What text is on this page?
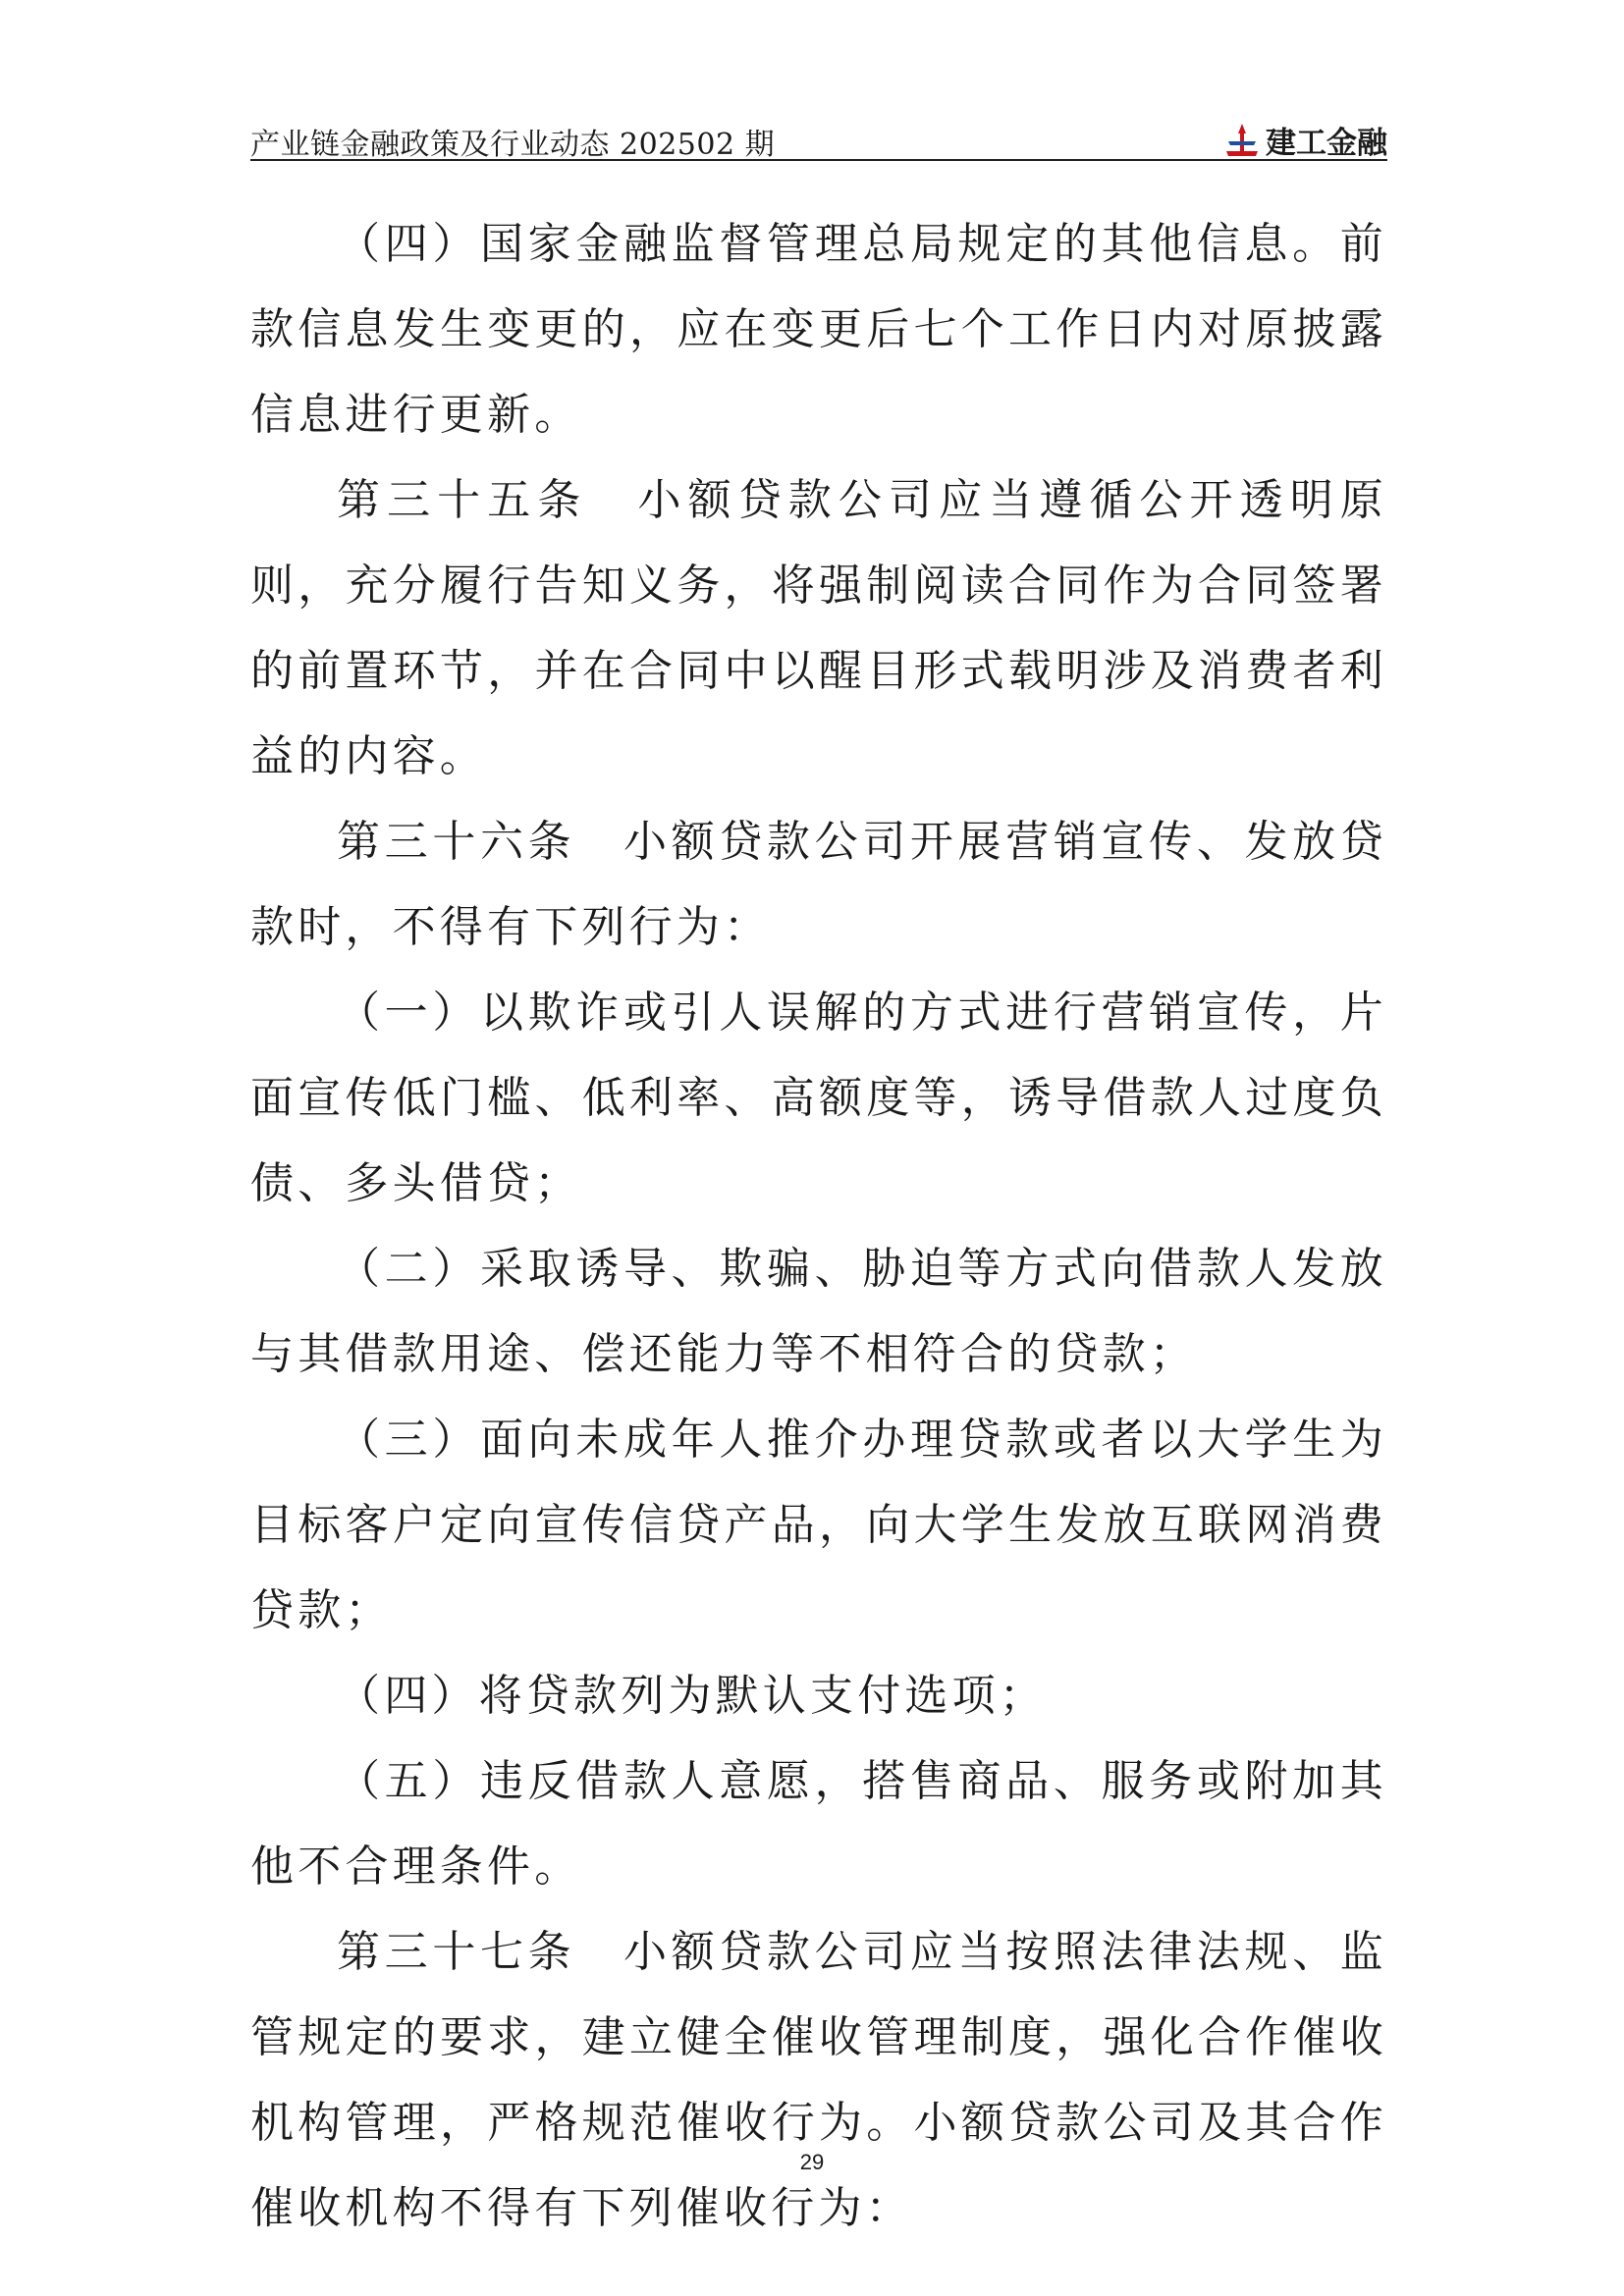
产业链金融政策及行业动态 202502 期	建工金融

（四）国家金融监督管理总局规定的其他信息。前款信息发生变更的，应在变更后七个工作日内对原披露信息进行更新。

第三十五条　小额贷款公司应当遵循公开透明原则，充分履行告知义务，将强制阅读合同作为合同签署的前置环节，并在合同中以醒目形式载明涉及消费者利益的内容。

第三十六条　小额贷款公司开展营销宣传、发放贷款时，不得有下列行为：

（一）以欺诈或引人误解的方式进行营销宣传，片面宣传低门槛、低利率、高额度等，诱导借款人过度负债、多头借贷；

（二）采取诱导、欺骗、胁迫等方式向借款人发放与其借款用途、偿还能力等不相符合的贷款；

（三）面向未成年人推介办理贷款或者以大学生为目标客户定向宣传信贷产品，向大学生发放互联网消费贷款；

（四）将贷款列为默认支付选项；

（五）违反借款人意愿，搭售商品、服务或附加其他不合理条件。

第三十七条　小额贷款公司应当按照法律法规、监管规定的要求，建立健全催收管理制度，强化合作催收机构管理，严格规范催收行为。小额贷款公司及其合作催收机构不得有下列催收行为：

29
